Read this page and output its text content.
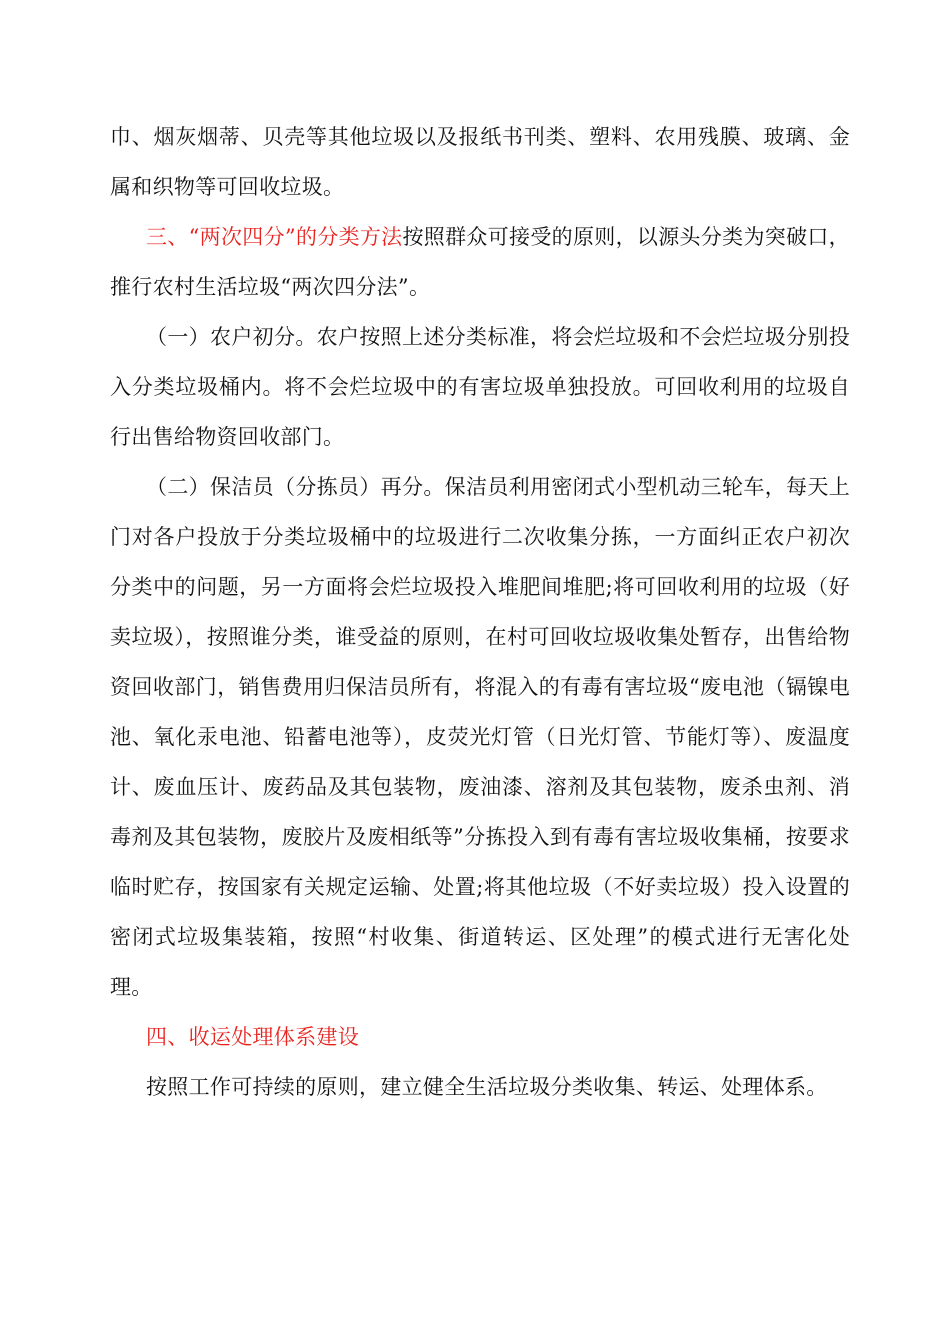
巾、烟灰烟蒂、贝壳等其他垃圾以及报纸书刊类、塑料、农用残膜、玻璃、金属和织物等可回收垃圾。

三、“两次四分”的分类方法按照群众可接受的原则，以源头分类为突破口，推行农村生活垃圾“两次四分法”。

（一）农户初分。农户按照上述分类标准，将会烂垃圾和不会烂垃圾分别投入分类垃圾桶内。将不会烂垃圾中的有害垃圾单独投放。可回收利用的垃圾自行出售给物资回收部门。

（二）保洁员（分拣员）再分。保洁员利用密闭式小型机动三轮车，每天上门对各户投放于分类垃圾桶中的垃圾进行二次收集分拣，一方面纠正农户初次分类中的问题，另一方面将会烂垃圾投入堆肥间堆肥;将可回收利用的垃圾（好卖垃圾），按照谁分类，谁受益的原则，在村可回收垃圾收集处暂存，出售给物资回收部门，销售费用归保洁员所有，将混入的有毒有害垃圾“废电池（镉镍电池、氧化汞电池、铅蓄电池等），皮荧光灯管（日光灯管、节能灯等）、废温度计、废血压计、废药品及其包装物，废油漆、溶剂及其包装物，废杀虫剂、消毒剂及其包装物，废胶片及废相纸等”分拣投入到有毒有害垃圾收集桶，按要求临时贮存，按国家有关规定运输、处置;将其他垃圾（不好卖垃圾）投入设置的密闭式垃圾集装箱，按照“村收集、街道转运、区处理”的模式进行无害化处理。

四、收运处理体系建设

按照工作可持续的原则，建立健全生活垃圾分类收集、转运、处理体系。
